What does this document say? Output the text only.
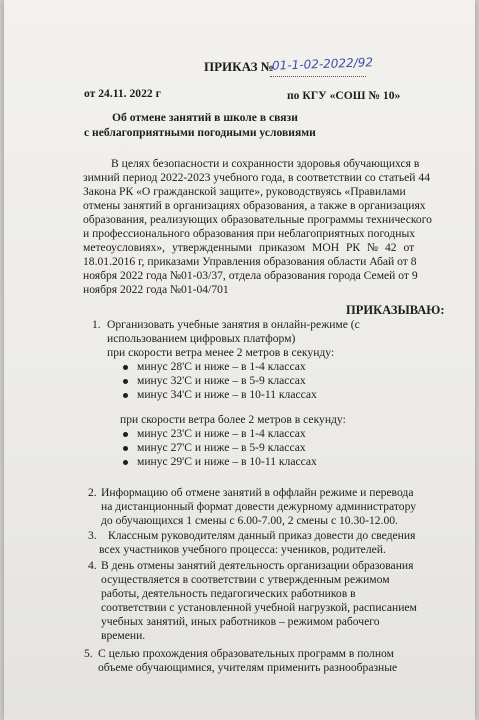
ПРИКАЗ №
01-1-02-2022/92
от 24.11. 2022 г	по КГУ «СОШ № 10»
Об отмене занятий в школе в связи
с неблагоприятными погодными условиями
В целях безопасности и сохранности здоровья обучающихся в
зимний период 2022-2023 учебного года, в соответствии со статьей 44
Закона РК «О гражданской защите», руководствуясь «Правилами
отмены занятий в организациях образования, а также в организациях
образования, реализующих образовательные программы технического
и профессионального образования при неблагоприятных погодных
метеоусловиях», утвержденными приказом МОН РК № 42 от
18.01.2016 г, приказами Управления образования области Абай от 8
ноября 2022 года №01-03/37, отдела образования города Семей от 9
ноября 2022 года №01-04/701
ПРИКАЗЫВАЮ:
1. Организовать учебные занятия в онлайн-режиме (с
использованием цифровых платформ)
при скорости ветра менее 2 метров в секунду:
минус 28'С и ниже – в 1-4 классах
минус 32'С и ниже – в 5-9 классах
минус 34'С и ниже – в 10-11 классах
при скорости ветра более 2 метров в секунду:
минус 23'С и ниже – в 1-4 классах
минус 27'С и ниже – в 5-9 классах
минус 29'С и ниже – в 10-11 классах
2. Информацию об отмене занятий в оффлайн режиме и перевода
на дистанционный формат довести дежурному администратору
до обучающихся 1 смены с 6.00-7.00, 2 смены с 10.30-12.00.
3. Классным руководителям данный приказ довести до сведения
всех участников учебного процесса: учеников, родителей.
4. В день отмены занятий деятельность организации образования
осуществляется в соответствии с утвержденным режимом
работы, деятельность педагогических работников в
соответствии с установленной учебной нагрузкой, расписанием
учебных занятий, иных работников – режимом рабочего
времени.
5. С целью прохождения образовательных программ в полном
объеме обучающимися, учителям применить разнообразные
